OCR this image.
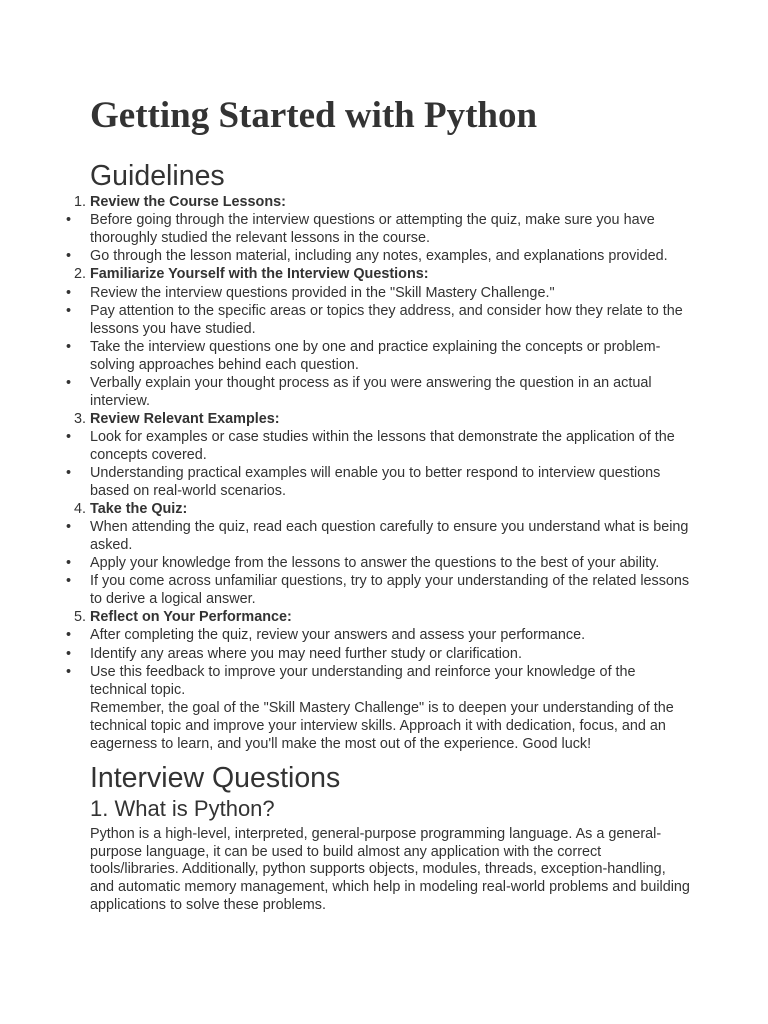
Getting Started with Python
Guidelines
1. Review the Course Lessons:
•	Before going through the interview questions or attempting the quiz, make sure you have thoroughly studied the relevant lessons in the course.
•	Go through the lesson material, including any notes, examples, and explanations provided.
2. Familiarize Yourself with the Interview Questions:
•	Review the interview questions provided in the "Skill Mastery Challenge."
•	Pay attention to the specific areas or topics they address, and consider how they relate to the lessons you have studied.
•	Take the interview questions one by one and practice explaining the concepts or problem-solving approaches behind each question.
•	Verbally explain your thought process as if you were answering the question in an actual interview.
3. Review Relevant Examples:
•	Look for examples or case studies within the lessons that demonstrate the application of the concepts covered.
•	Understanding practical examples will enable you to better respond to interview questions based on real-world scenarios.
4. Take the Quiz:
•	When attending the quiz, read each question carefully to ensure you understand what is being asked.
•	Apply your knowledge from the lessons to answer the questions to the best of your ability.
•	If you come across unfamiliar questions, try to apply your understanding of the related lessons to derive a logical answer.
5. Reflect on Your Performance:
•	After completing the quiz, review your answers and assess your performance.
•	Identify any areas where you may need further study or clarification.
•	Use this feedback to improve your understanding and reinforce your knowledge of the technical topic.

Remember, the goal of the "Skill Mastery Challenge" is to deepen your understanding of the technical topic and improve your interview skills. Approach it with dedication, focus, and an eagerness to learn, and you'll make the most out of the experience. Good luck!

Interview Questions
1. What is Python?

Python is a high-level, interpreted, general-purpose programming language. As a general-purpose language, it can be used to build almost any application with the correct tools/libraries. Additionally, python supports objects, modules, threads, exception-handling, and automatic memory management, which help in modeling real-world problems and building applications to solve these problems.
